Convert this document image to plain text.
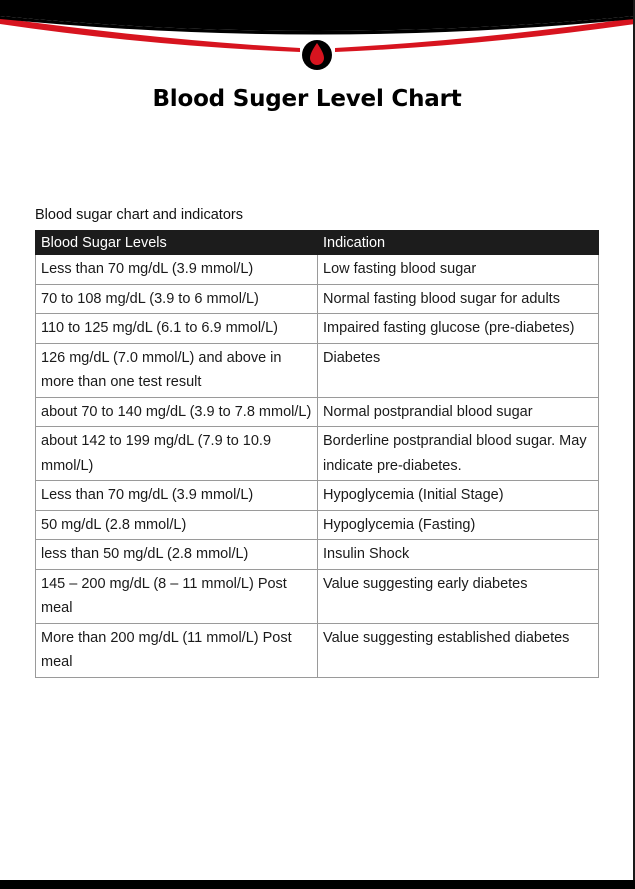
Blood Suger Level Chart
Blood sugar chart and indicators
Blood Sugar Levels	Indication
Less than 70 mg/dL (3.9 mmol/L)	Low fasting blood sugar
70 to 108 mg/dL (3.9 to 6 mmol/L)	Normal fasting blood sugar for adults
110 to 125 mg/dL (6.1 to 6.9 mmol/L)	Impaired fasting glucose (pre-diabetes)
126 mg/dL (7.0 mmol/L) and above in more than one test result	Diabetes
about 70 to 140 mg/dL (3.9 to 7.8 mmol/L)	Normal postprandial blood sugar
about 142 to 199 mg/dL (7.9 to 10.9 mmol/L)	Borderline postprandial blood sugar. May indicate pre-diabetes.
Less than 70 mg/dL (3.9 mmol/L)	Hypoglycemia (Initial Stage)
50 mg/dL (2.8 mmol/L)	Hypoglycemia (Fasting)
less than 50 mg/dL (2.8 mmol/L)	Insulin Shock
145 – 200 mg/dL (8 – 11 mmol/L) Post meal	Value suggesting early diabetes
More than 200 mg/dL (11 mmol/L) Post meal	Value suggesting established diabetes
